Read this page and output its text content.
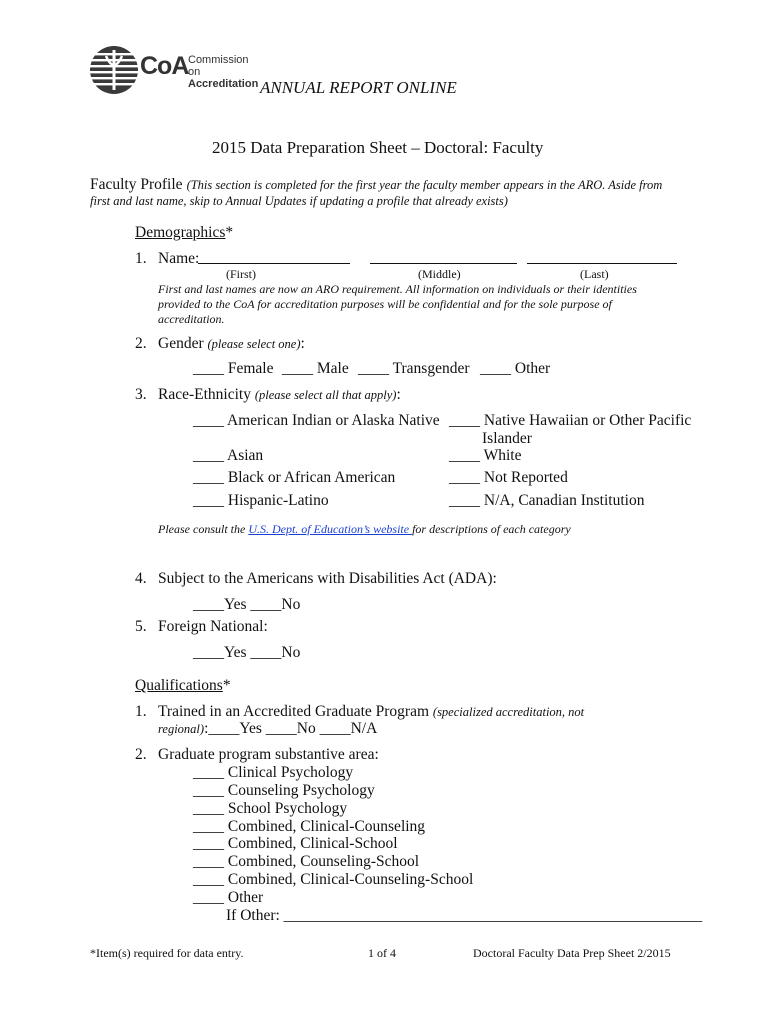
CoA Commission on
Accreditation ANNUAL REPORT ONLINE
2015 Data Preparation Sheet – Doctoral: Faculty
Faculty Profile (This section is completed for the first year the faculty member appears in the ARO. Aside from
first and last name, skip to Annual Updates if updating a profile that already exists)
Demographics*
1. Name:
(First)	(Middle)	(Last)
First and last names are now an ARO requirement. All information on individuals or their identities
provided to the CoA for accreditation purposes will be confidential and for the sole purpose of
accreditation.
2. Gender (please select one):
____ Female ____ Male ____ Transgender ____ Other
3. Race-Ethnicity (please select all that apply):
____ American Indian or Alaska Native
____ Asian
____ Black or African American
____ Hispanic-Latino
____ Native Hawaiian or Other Pacific
Islander
____ White
____ Not Reported
____ N/A, Canadian Institution
Please consult the U.S. Dept. of Education’s website for descriptions of each category
4. Subject to the Americans with Disabilities Act (ADA):
____Yes ____No
5. Foreign National:
____Yes ____No
Qualifications*
1. Trained in an Accredited Graduate Program (specialized accreditation, not
regional):____Yes ____No ____N/A
2. Graduate program substantive area:
____ Clinical Psychology
____ Counseling Psychology
____ School Psychology
____ Combined, Clinical-Counseling
____ Combined, Clinical-School
____ Combined, Counseling-School
____ Combined, Clinical-Counseling-School
____ Other
If Other: ______________________________________________________
*Item(s) required for data entry.	1 of 4	Doctoral Faculty Data Prep Sheet 2/2015
